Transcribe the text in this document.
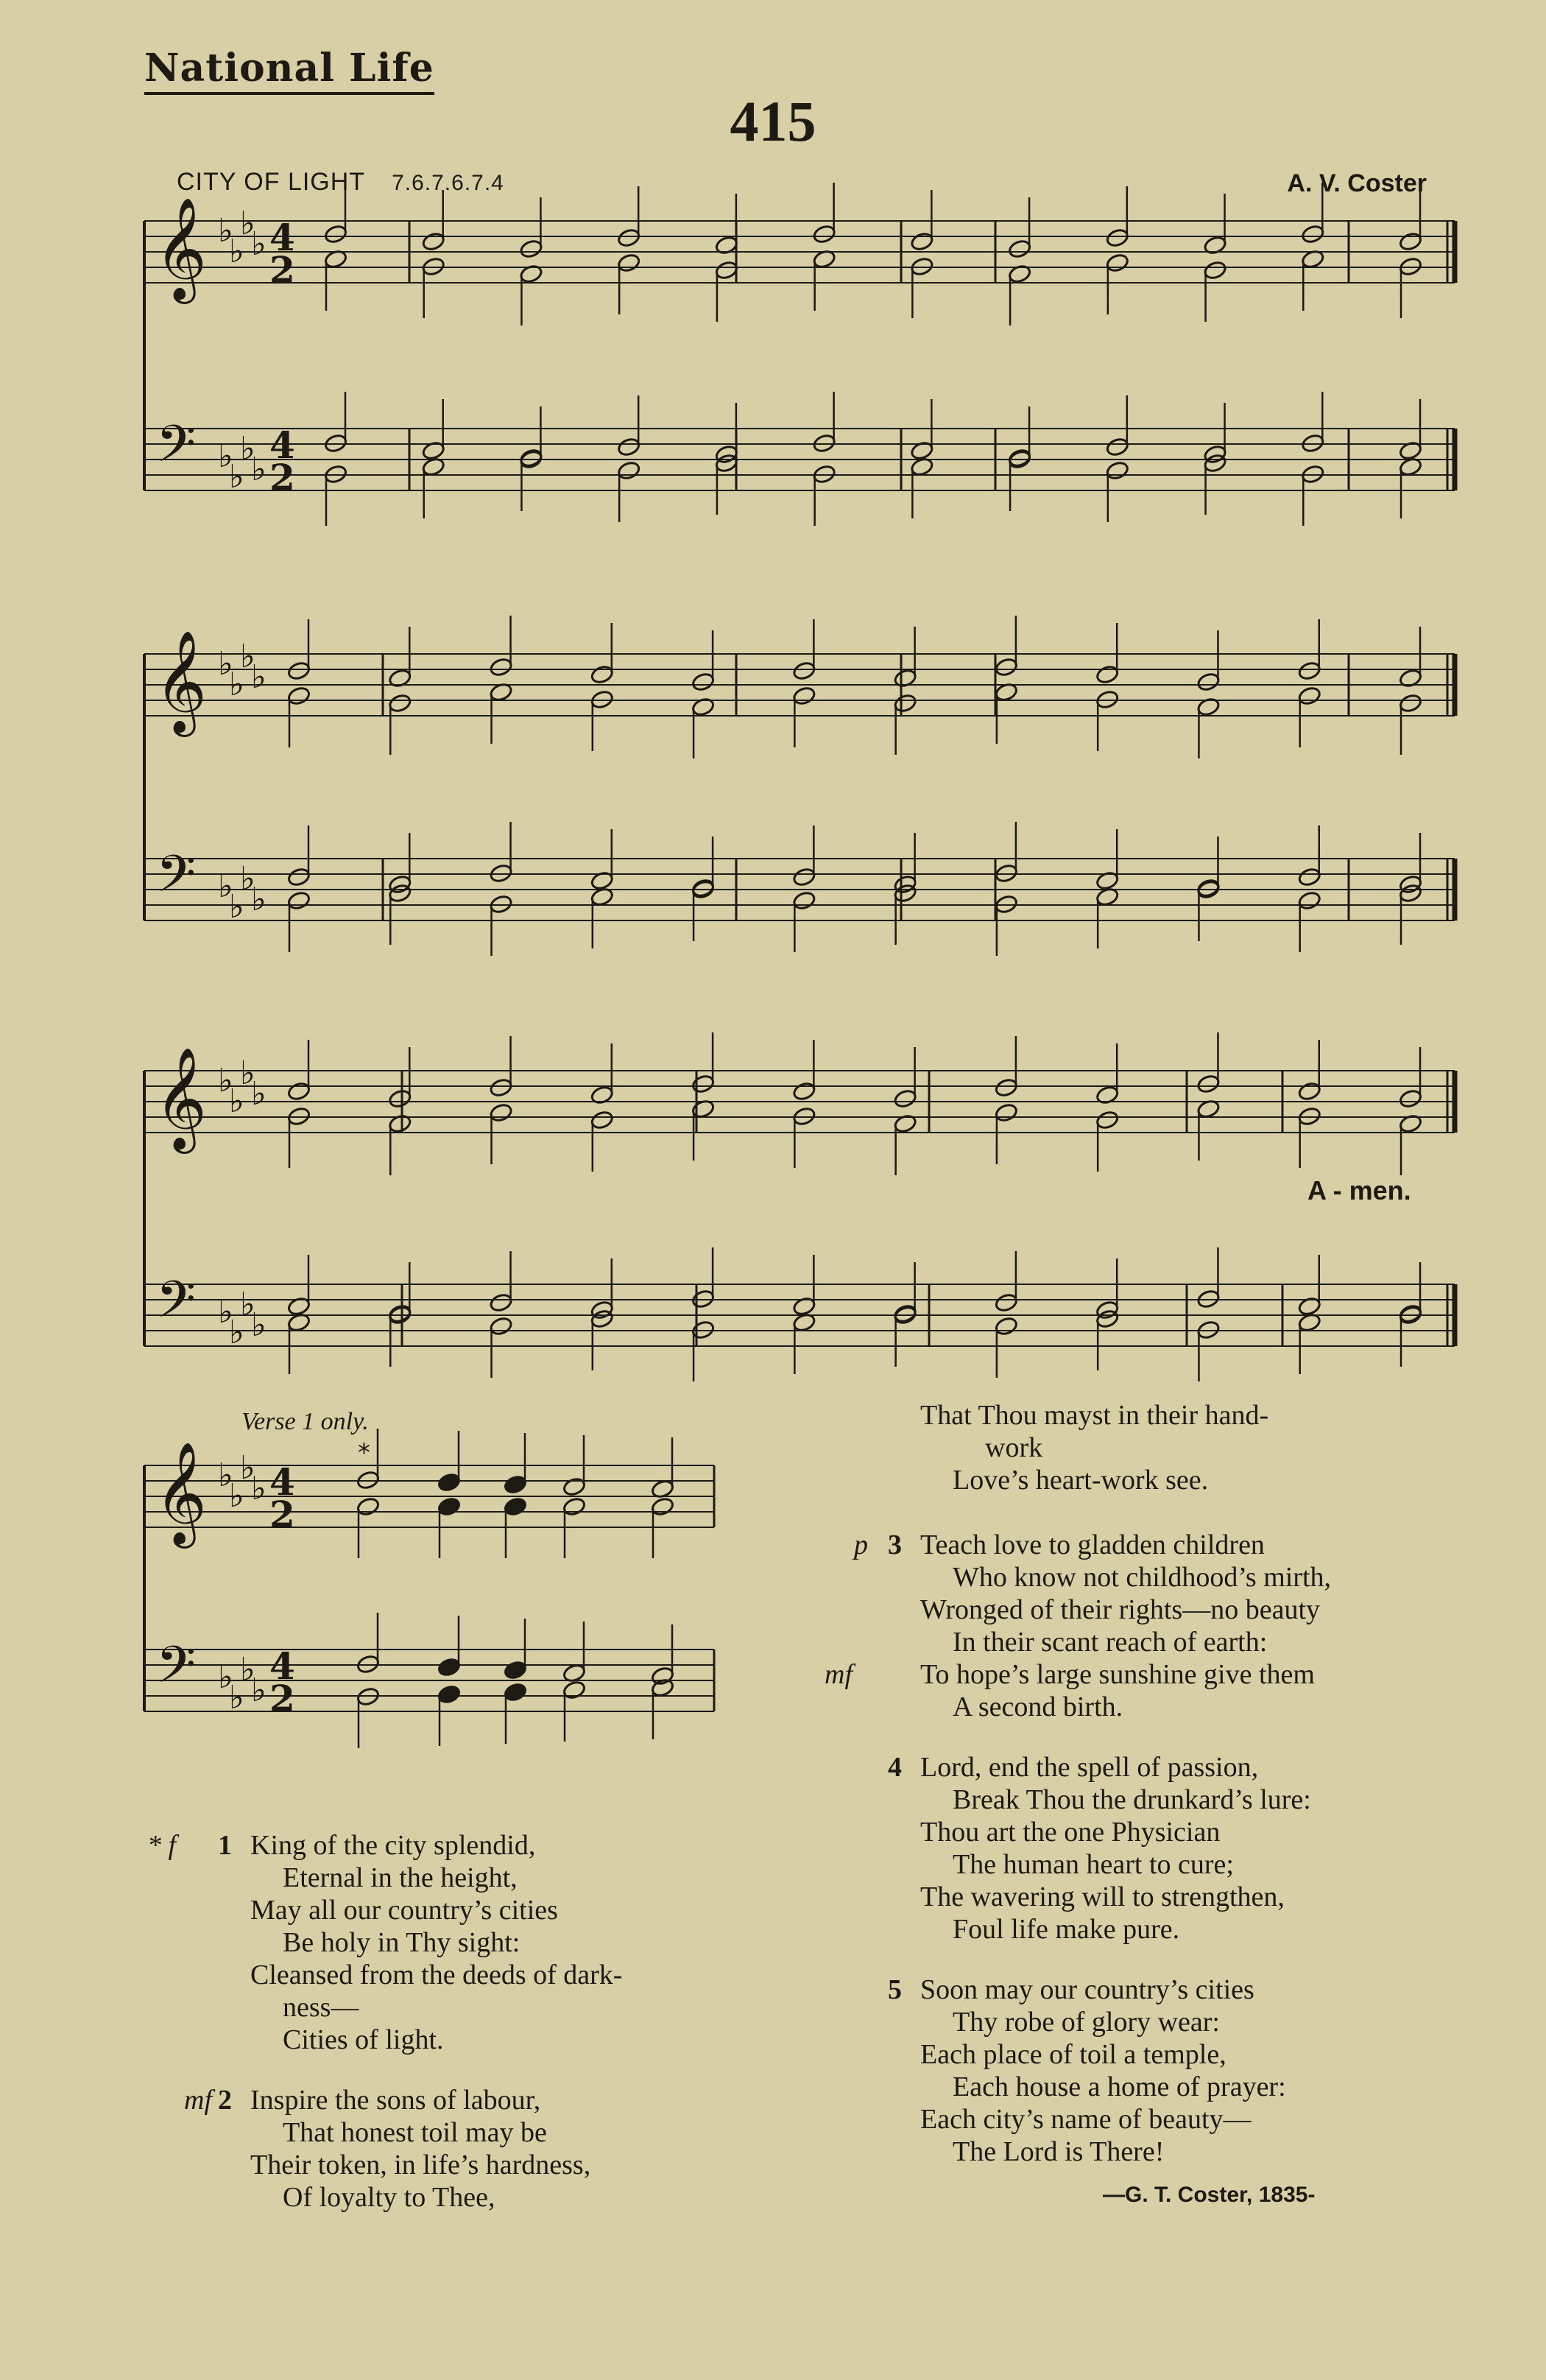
National Life
415
CITY OF LIGHT 7.6.7.6.7.4	A. V. Coster
𝄞
𝄢
♭
♭
♭
♭
♭
♭
♭
♭
4
2
4
2
𝄞
𝄢
♭
♭
♭
♭
♭
♭
♭
♭
𝄞
𝄢
♭
♭
♭
♭
♭
♭
♭
♭
𝄞
𝄢
♭
♭
♭
♭
♭
♭
♭
♭
4
2
4
2
*
A - men.
Verse 1 only.
* f 1 King of the city splendid,
Eternal in the height,
May all our country’s cities
Be holy in Thy sight:
Cleansed from the deeds of dark-
ness—
Cities of light.
mf 2 Inspire the sons of labour,
That honest toil may be
Their token, in life’s hardness,
Of loyalty to Thee,
That Thou mayst in their hand-
work
Love’s heart-work see.
p 3 Teach love to gladden children
Who know not childhood’s mirth,
Wronged of their rights—no beauty
In their scant reach of earth:
mf To hope’s large sunshine give them
A second birth.
4 Lord, end the spell of passion,
Break Thou the drunkard’s lure:
Thou art the one Physician
The human heart to cure;
The wavering will to strengthen,
Foul life make pure.
5 Soon may our country’s cities
Thy robe of glory wear:
Each place of toil a temple,
Each house a home of prayer:
Each city’s name of beauty—
The Lord is There!
—G. T. Coster, 1835-
